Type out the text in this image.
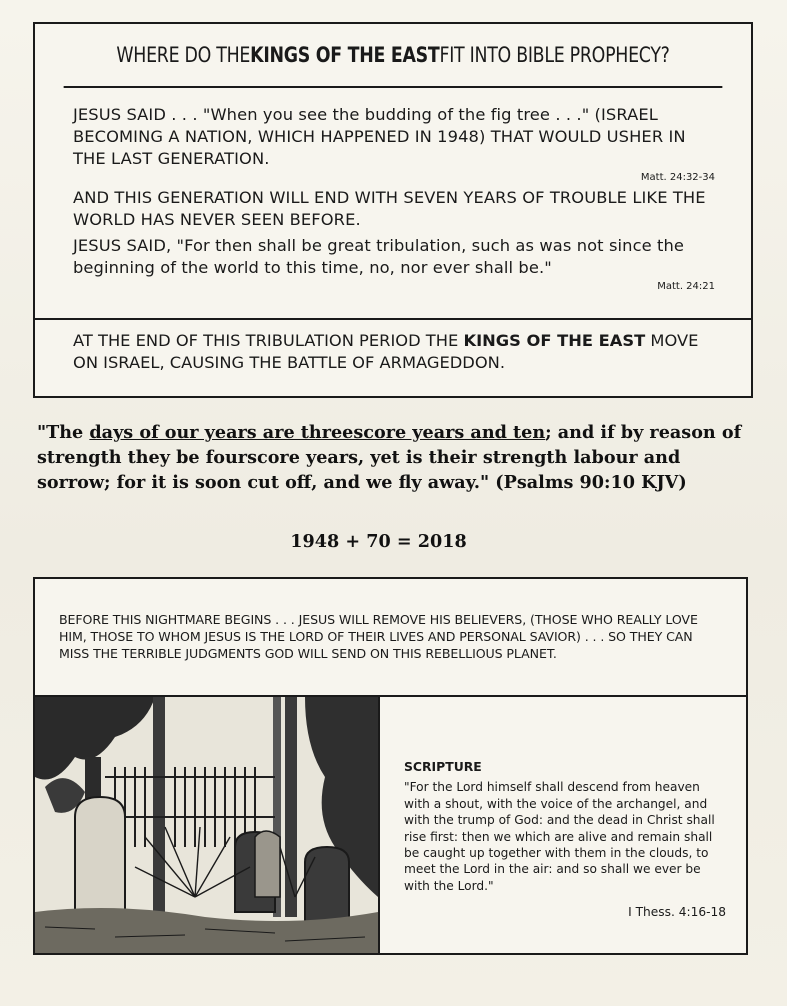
WHERE DO THE KINGS OF THE EAST FIT INTO BIBLE PROPHECY?

JESUS SAID . . . "When you see the budding of the fig tree . . ." (ISRAEL BECOMING A NATION, WHICH HAPPENED IN 1948) THAT WOULD USHER IN THE LAST GENERATION.

Matt. 24:32-34

AND THIS GENERATION WILL END WITH SEVEN YEARS OF TROUBLE LIKE THE WORLD HAS NEVER SEEN BEFORE.

JESUS SAID, "For then shall be great tribulation, such as was not since the beginning of the world to this time, no, nor ever shall be."

Matt. 24:21

AT THE END OF THIS TRIBULATION PERIOD THE KINGS OF THE EAST MOVE ON ISRAEL, CAUSING THE BATTLE OF ARMAGEDDON.

"The days of our years are threescore years and ten; and if by reason of strength they be fourscore years, yet is their strength labour and sorrow; for it is soon cut off, and we fly away." (Psalms 90:10 KJV)
1948 + 70 = 2018
BEFORE THIS NIGHTMARE BEGINS . . . JESUS WILL REMOVE HIS BELIEVERS, (THOSE WHO REALLY LOVE HIM, THOSE TO WHOM JESUS IS THE LORD OF THEIR LIVES AND PERSONAL SAVIOR) . . . SO THEY CAN MISS THE TERRIBLE JUDGMENTS GOD WILL SEND ON THIS REBELLIOUS PLANET.
SCRIPTURE

"For the Lord himself shall descend from heaven with a shout, with the voice of the archangel, and with the trump of God: and the dead in Christ shall rise first: then we which are alive and remain shall be caught up together with them in the clouds, to meet the Lord in the air: and so shall we ever be with the Lord."

I Thess. 4:16-18
